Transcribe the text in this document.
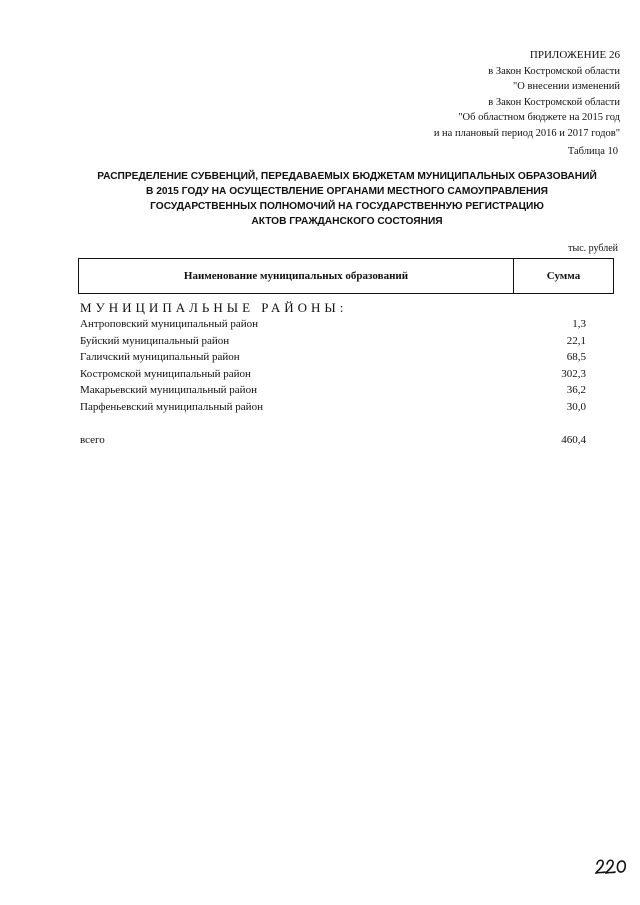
ПРИЛОЖЕНИЕ 26
в Закон Костромской области
"О внесении изменений
в Закон Костромской области
"Об областном бюджете на 2015 год
и на плановый период 2016 и 2017 годов"
Таблица 10
РАСПРЕДЕЛЕНИЕ СУБВЕНЦИЙ, ПЕРЕДАВАЕМЫХ БЮДЖЕТАМ МУНИЦИПАЛЬНЫХ ОБРАЗОВАНИЙ
В 2015 ГОДУ НА ОСУЩЕСТВЛЕНИЕ ОРГАНАМИ МЕСТНОГО САМОУПРАВЛЕНИЯ
ГОСУДАРСТВЕННЫХ ПОЛНОМОЧИЙ НА ГОСУДАРСТВЕННУЮ РЕГИСТРАЦИЮ
АКТОВ ГРАЖДАНСКОГО СОСТОЯНИЯ
тыс. рублей
Наименование муниципальных образований	Сумма
МУНИЦИПАЛЬНЫЕ РАЙОНЫ:
Антроповский муниципальный район	1,3
Буйский муниципальный район	22,1
Галичский муниципальный район	68,5
Костромской муниципальный район	302,3
Макарьевский муниципальный район	36,2
Парфеньевский муниципальный район	30,0
всего	460,4
